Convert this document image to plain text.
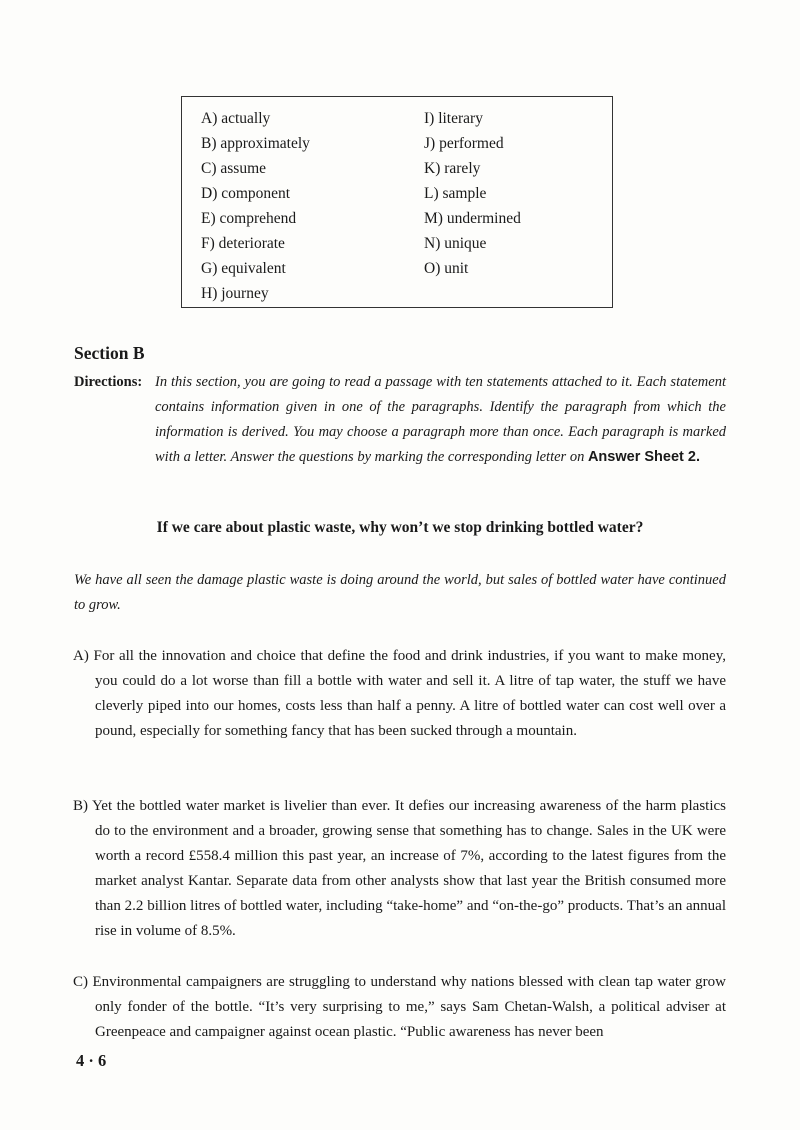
A) actually
B) approximately
C) assume
D) component
E) comprehend
F) deteriorate
G) equivalent
H) journey
I) literary
J) performed
K) rarely
L) sample
M) undermined
N) unique
O) unit
Section B
Directions: In this section, you are going to read a passage with ten statements attached to it. Each statement contains information given in one of the paragraphs. Identify the paragraph from which the information is derived. You may choose a paragraph more than once. Each paragraph is marked with a letter. Answer the questions by marking the corresponding letter on Answer Sheet 2.
If we care about plastic waste, why won’t we stop drinking bottled water?
We have all seen the damage plastic waste is doing around the world, but sales of bottled water have continued to grow.
A) For all the innovation and choice that define the food and drink industries, if you want to make money, you could do a lot worse than fill a bottle with water and sell it. A litre of tap water, the stuff we have cleverly piped into our homes, costs less than half a penny. A litre of bottled water can cost well over a pound, especially for something fancy that has been sucked through a mountain.
B) Yet the bottled water market is livelier than ever. It defies our increasing awareness of the harm plastics do to the environment and a broader, growing sense that something has to change. Sales in the UK were worth a record £558.4 million this past year, an increase of 7%, according to the latest figures from the market analyst Kantar. Separate data from other analysts show that last year the British consumed more than 2.2 billion litres of bottled water, including “take-home” and “on-the-go” products. That’s an annual rise in volume of 8.5%.
C) Environmental campaigners are struggling to understand why nations blessed with clean tap water grow only fonder of the bottle. “It’s very surprising to me,” says Sam Chetan-Walsh, a political adviser at Greenpeace and campaigner against ocean plastic. “Public awareness has never been
4 · 6
